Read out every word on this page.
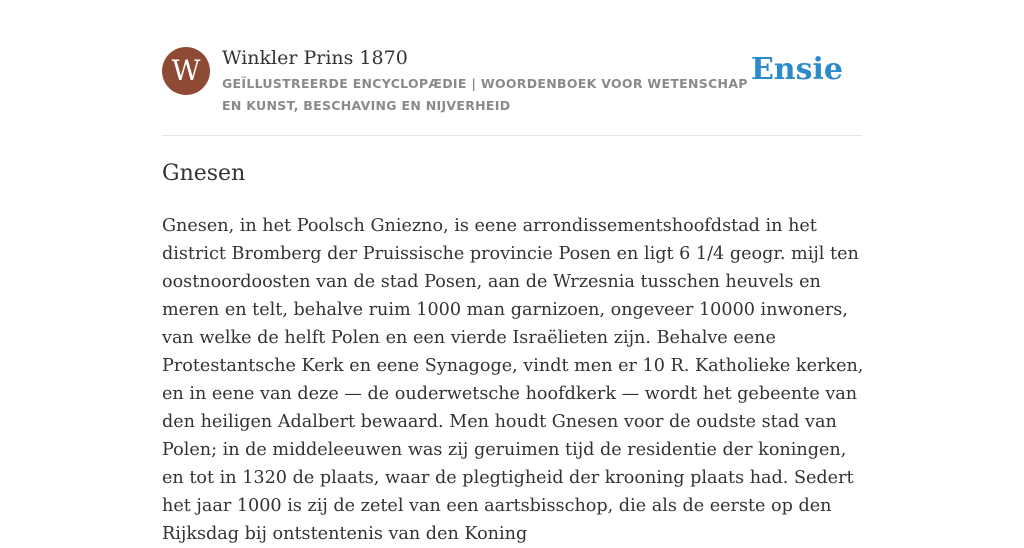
W	Winkler Prins 1870
GEÏLLUSTREERDE ENCYCLOPÆDIE | WOORDENBOEK VOOR WETENSCHAP EN KUNST, BESCHAVING EN NIJVERHEID
Ensie
Gnesen

Gnesen, in het Poolsch Gniezno, is eene arrondissementshoofdstad in het district Bromberg der Pruissische provincie Posen en ligt 6 1/4 geogr. mijl ten oostnoordoosten van de stad Posen, aan de Wrzesnia tusschen heuvels en meren en telt, behalve ruim 1000 man garnizoen, ongeveer 10000 inwoners, van welke de helft Polen en een vierde Israëlieten zijn. Behalve eene Protestantsche Kerk en eene Synagoge, vindt men er 10 R. Katholieke kerken, en in eene van deze — de ouderwetsche hoofdkerk — wordt het gebeente van den heiligen Adalbert bewaard. Men houdt Gnesen voor de oudste stad van Polen; in de middeleeuwen was zij geruimen tijd de residentie der koningen, en tot in 1320 de plaats, waar de plegtigheid der krooning plaats had. Sedert het jaar 1000 is zij de zetel van een aartsbisschop, die als de eerste op den Rijksdag bij ontstentenis van den Koning
